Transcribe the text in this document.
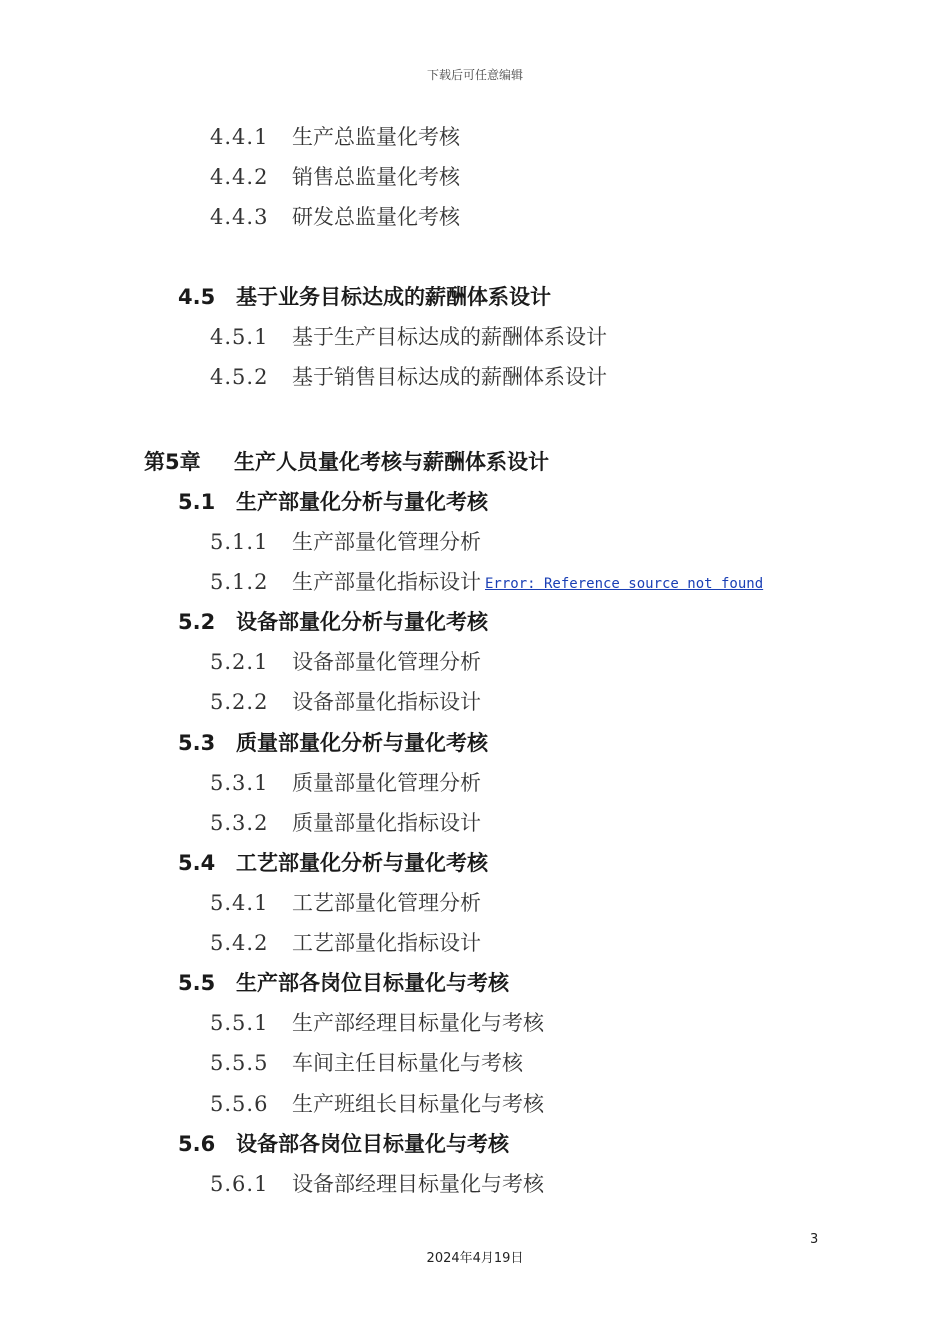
下载后可任意编辑
4.4.1 生产总监量化考核
4.4.2 销售总监量化考核
4.4.3 研发总监量化考核
4.5 基于业务目标达成的薪酬体系设计
4.5.1 基于生产目标达成的薪酬体系设计
4.5.2 基于销售目标达成的薪酬体系设计
第5章 生产人员量化考核与薪酬体系设计
5.1 生产部量化分析与量化考核
5.1.1 生产部量化管理分析
5.1.2 生产部量化指标设计 Error: Reference source not found
5.2 设备部量化分析与量化考核
5.2.1 设备部量化管理分析
5.2.2 设备部量化指标设计
5.3 质量部量化分析与量化考核
5.3.1 质量部量化管理分析
5.3.2 质量部量化指标设计
5.4 工艺部量化分析与量化考核
5.4.1 工艺部量化管理分析
5.4.2 工艺部量化指标设计
5.5 生产部各岗位目标量化与考核
5.5.1 生产部经理目标量化与考核
5.5.5 车间主任目标量化与考核
5.5.6 生产班组长目标量化与考核
5.6 设备部各岗位目标量化与考核
5.6.1 设备部经理目标量化与考核
3
2024年4月19日
